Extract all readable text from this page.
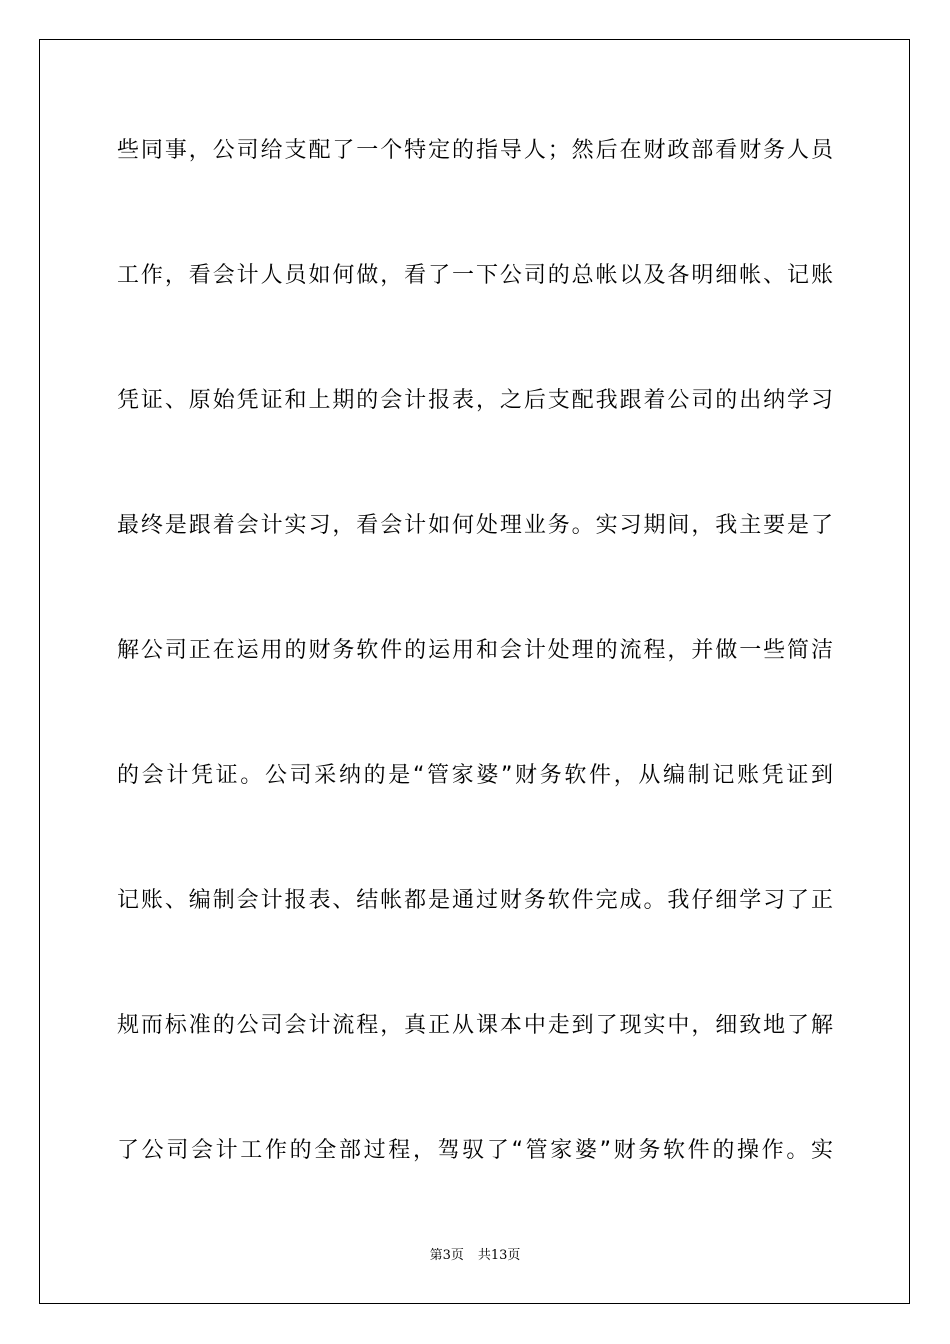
些同事，公司给支配了一个特定的指导人；然后在财政部看财务人员
工作，看会计人员如何做，看了一下公司的总帐以及各明细帐、记账
凭证、原始凭证和上期的会计报表，之后支配我跟着公司的出纳学习
最终是跟着会计实习，看会计如何处理业务。实习期间，我主要是了
解公司正在运用的财务软件的运用和会计处理的流程，并做一些简洁
的会计凭证。公司采纳的是“管家婆”财务软件，从编制记账凭证到
记账、编制会计报表、结帐都是通过财务软件完成。我仔细学习了正
规而标准的公司会计流程，真正从课本中走到了现实中，细致地了解
了公司会计工作的全部过程，驾驭了“管家婆”财务软件的操作。实
第3页 共13页
